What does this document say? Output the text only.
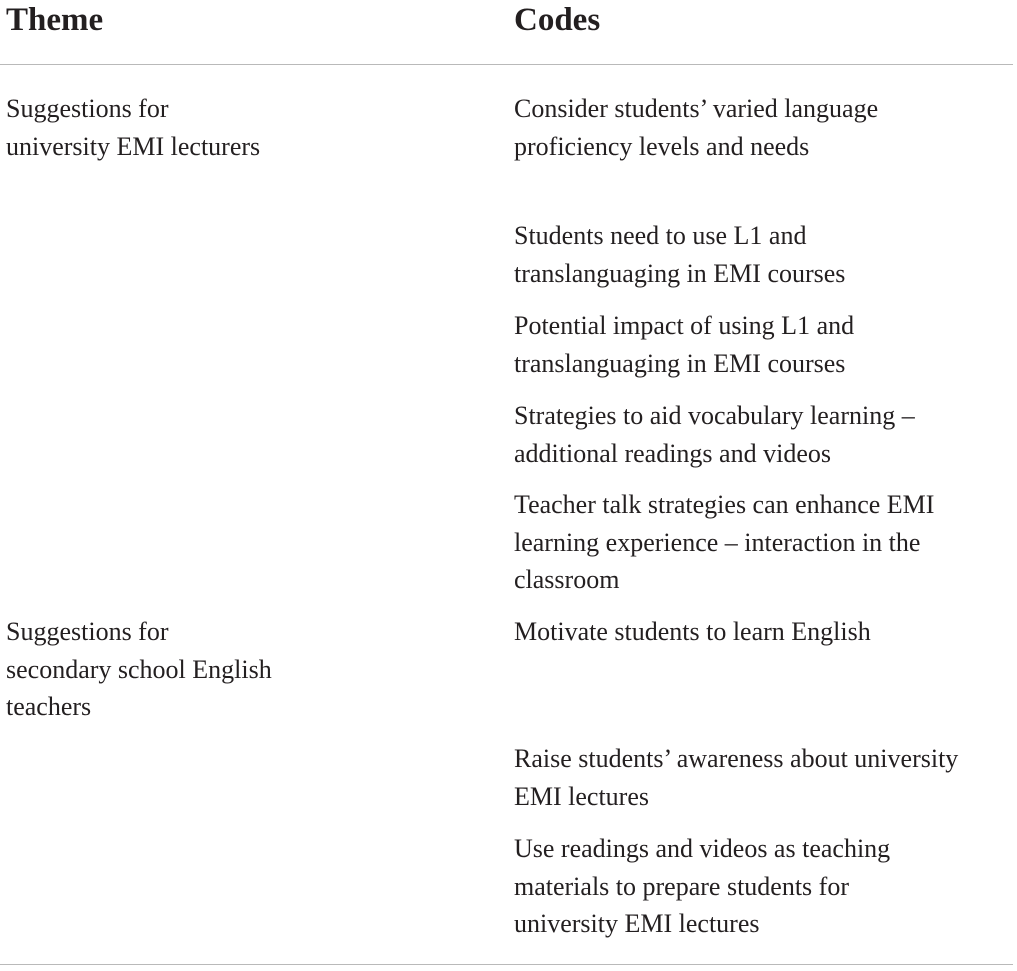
Theme	Codes
Suggestions for
university EMI lecturers
Suggestions for
secondary school English
teachers
Consider students’ varied language
proficiency levels and needs
Students need to use L1 and
translanguaging in EMI courses
Potential impact of using L1 and
translanguaging in EMI courses
Strategies to aid vocabulary learning –
additional readings and videos
Teacher talk strategies can enhance EMI
learning experience – interaction in the
classroom
Motivate students to learn English
Raise students’ awareness about university
EMI lectures
Use readings and videos as teaching
materials to prepare students for
university EMI lectures
